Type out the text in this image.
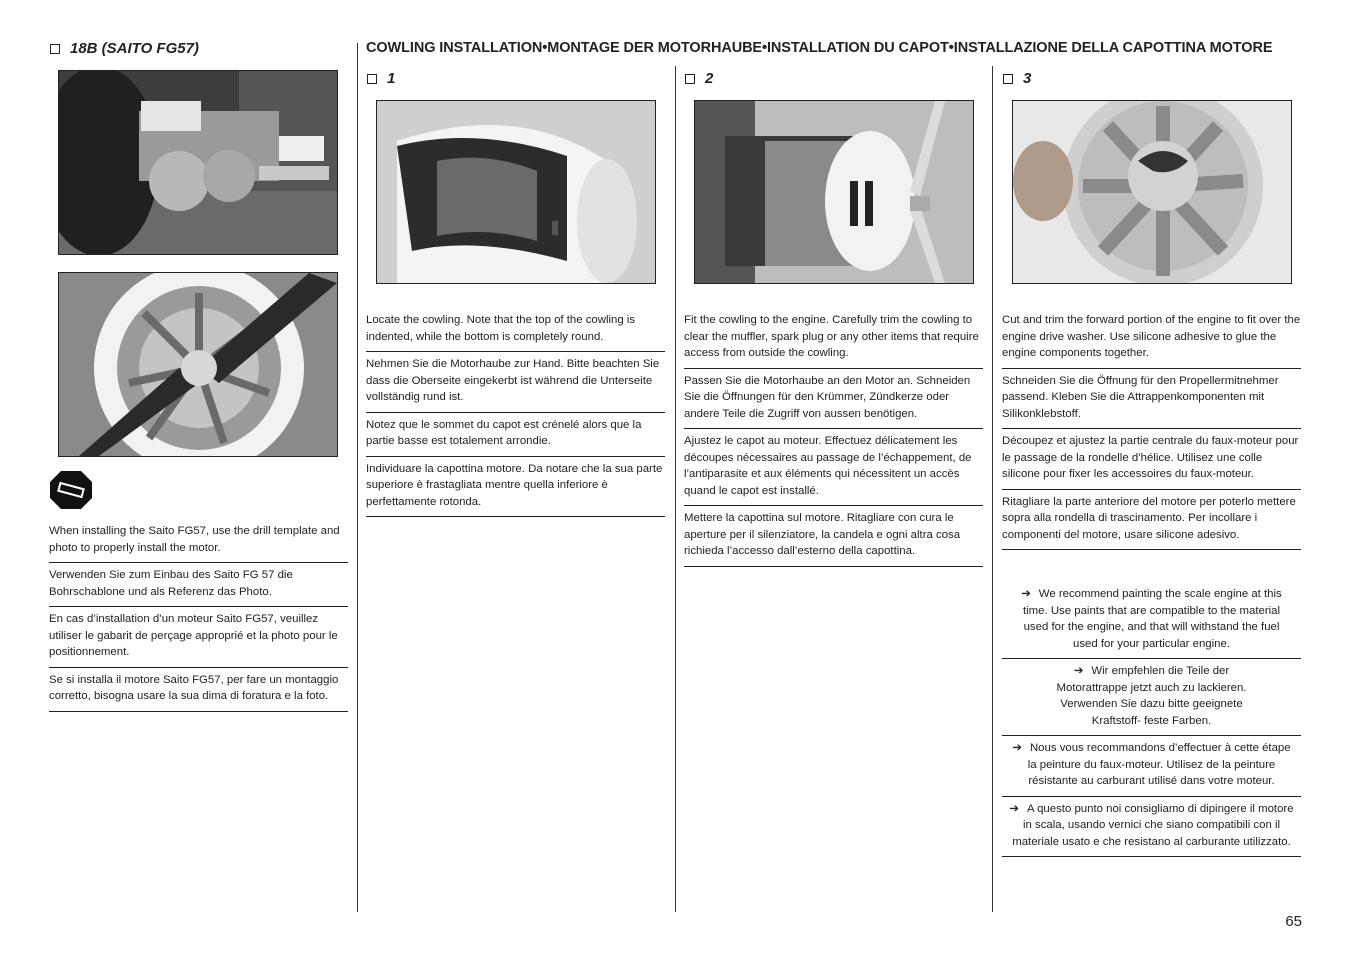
18B (SAITO FG57)
When installing the Saito FG57, use the drill template and photo to properly install the motor.
Verwenden Sie zum Einbau des Saito FG 57 die Bohrschablone und als Referenz das Photo.
En cas d’installation d’un moteur Saito FG57, veuillez utiliser le gabarit de perçage approprié et la photo pour le positionnement.
Se si installa il motore Saito FG57, per fare un montaggio corretto, bisogna usare la sua dima di foratura e la foto.
COWLING INSTALLATION•MONTAGE DER MOTORHAUBE•INSTALLATION DU CAPOT•INSTALLAZIONE DELLA CAPOTTINA MOTORE
1
Locate the cowling. Note that the top of the cowling is indented, while the bottom is completely round.
Nehmen Sie die Motorhaube zur Hand. Bitte beachten Sie dass die Oberseite eingekerbt ist während die Unterseite vollständig rund ist.
Notez que le sommet du capot est crénelé alors que la partie basse est totalement arrondie.
Individuare la capottina motore. Da notare che la sua parte superiore è frastagliata mentre quella inferiore è perfettamente rotonda.
2
Fit the cowling to the engine. Carefully trim the cowling to clear the muffler, spark plug or any other items that require access from outside the cowling.
Passen Sie die Motorhaube an den Motor an. Schneiden Sie die Öffnungen für den Krümmer, Zündkerze oder andere Teile die Zugriff von aussen benötigen.
Ajustez le capot au moteur. Effectuez délicatement les découpes nécessaires au passage de l’échappement, de l’antiparasite et aux éléments qui nécessitent un accès quand le capot est installé.
Mettere la capottina sul motore. Ritagliare con cura le aperture per il silenziatore, la candela e ogni altra cosa richieda l’accesso dall’esterno della capottina.
3
Cut and trim the forward portion of the engine to fit over the engine drive washer. Use silicone adhesive to glue the engine components together.
Schneiden Sie die Öffnung für den Propellermitnehmer passend. Kleben Sie die Attrappenkomponenten mit Silikonklebstoff.
Découpez et ajustez la partie centrale du faux-moteur pour le passage de la rondelle d’hélice. Utilisez une colle silicone pour fixer les accessoires du faux-moteur.
Ritagliare la parte anteriore del motore per poterlo mettere sopra alla rondella di trascinamento. Per incollare i componenti del motore, usare silicone adesivo.
➔ We recommend painting the scale engine at this time. Use paints that are compatible to the material used for the engine, and that will withstand the fuel used for your particular engine.
➔ Wir empfehlen die Teile der Motorattrappe jetzt auch zu lackieren. Verwenden Sie dazu bitte geeignete Kraftstoff- feste Farben.
➔ Nous vous recommandons d’effectuer à cette étape la peinture du faux-moteur. Utilisez de la peinture résistante au carburant utilisé dans votre moteur.
➔ A questo punto noi consigliamo di dipingere il motore in scala, usando vernici che siano compatibili con il materiale usato e che resistano al carburante utilizzato.
65
